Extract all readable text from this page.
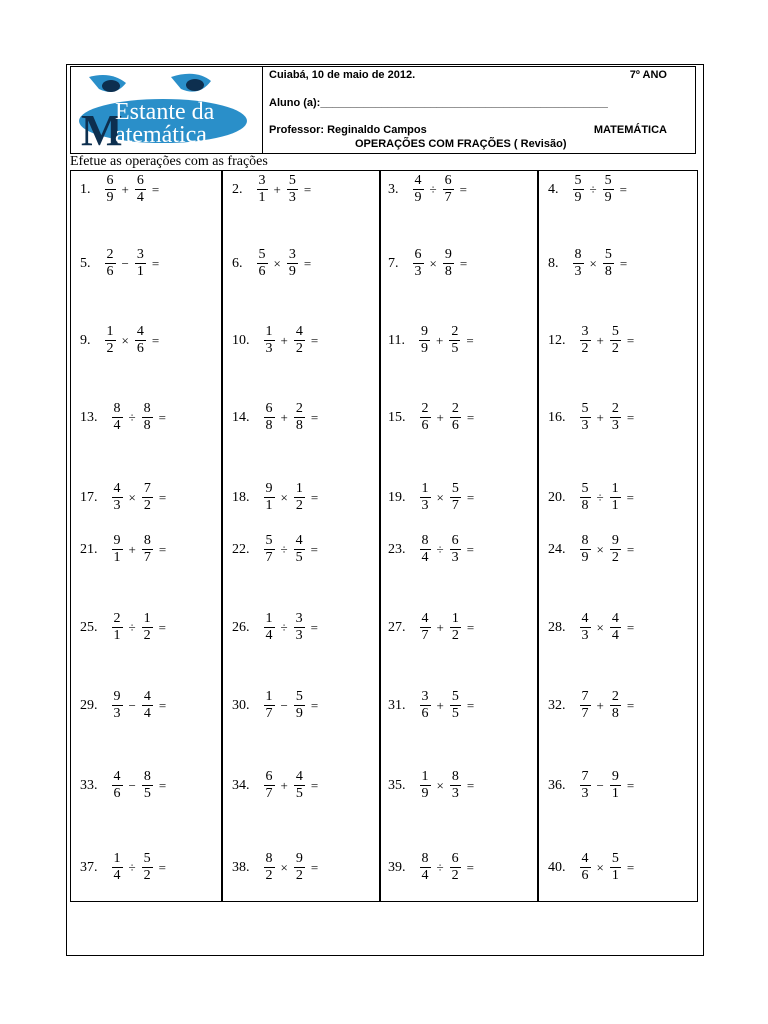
M
Estante da
atemática
Cuiabá, 10 de maio de 2012.	7º ANO
Aluno (a):_______________________________________________
Professor: Reginaldo Campos	MATEMÁTICA
OPERAÇÕES COM FRAÇÕES ( Revisão)
Efetue as operações com as frações
1. $\frac{6}{9} + \frac{6}{4}$ =	2. $\frac{3}{1} + \frac{5}{3}$ =	3. $\frac{4}{9} \div \frac{6}{7}$ =	4. $\frac{5}{9} \div \frac{5}{9}$ =
5. $\frac{2}{6} - \frac{3}{1}$ =	6. $\frac{5}{6} \times \frac{3}{9}$ =	7. $\frac{6}{3} \times \frac{9}{8}$ =	8. $\frac{8}{3} \times \frac{5}{8}$ =
9. $\frac{1}{2} \times \frac{4}{6}$ =	10. $\frac{1}{3} + \frac{4}{2}$ =	11. $\frac{9}{9} + \frac{2}{5}$ =	12. $\frac{3}{2} + \frac{5}{2}$ =
13. $\frac{8}{4} \div \frac{8}{8}$ =	14. $\frac{6}{8} + \frac{2}{8}$ =	15. $\frac{2}{6} + \frac{2}{6}$ =	16. $\frac{5}{3} + \frac{2}{3}$ =
17. $\frac{4}{3} \times \frac{7}{2}$ =	18. $\frac{9}{1} \times \frac{1}{2}$ =	19. $\frac{1}{3} \times \frac{5}{7}$ =	20. $\frac{5}{8} \div \frac{1}{1}$ =
21. $\frac{9}{1} + \frac{8}{7}$ =	22. $\frac{5}{7} \div \frac{4}{5}$ =	23. $\frac{8}{4} \div \frac{6}{3}$ =	24. $\frac{8}{9} \times \frac{9}{2}$ =
25. $\frac{2}{1} \div \frac{1}{2}$ =	26. $\frac{1}{4} \div \frac{3}{3}$ =	27. $\frac{4}{7} + \frac{1}{2}$ =	28. $\frac{4}{3} \times \frac{4}{4}$ =
29. $\frac{9}{3} - \frac{4}{4}$ =	30. $\frac{1}{7} - \frac{5}{9}$ =	31. $\frac{3}{6} + \frac{5}{5}$ =	32. $\frac{7}{7} + \frac{2}{8}$ =
33. $\frac{4}{6} - \frac{8}{5}$ =	34. $\frac{6}{7} + \frac{4}{5}$ =	35. $\frac{1}{9} \times \frac{8}{3}$ =	36. $\frac{7}{3} - \frac{9}{1}$ =
37. $\frac{1}{4} \div \frac{5}{2}$ =	38. $\frac{8}{2} \times \frac{9}{2}$ =	39. $\frac{8}{4} \div \frac{6}{2}$ =	40. $\frac{4}{6} \times \frac{5}{1}$ =
